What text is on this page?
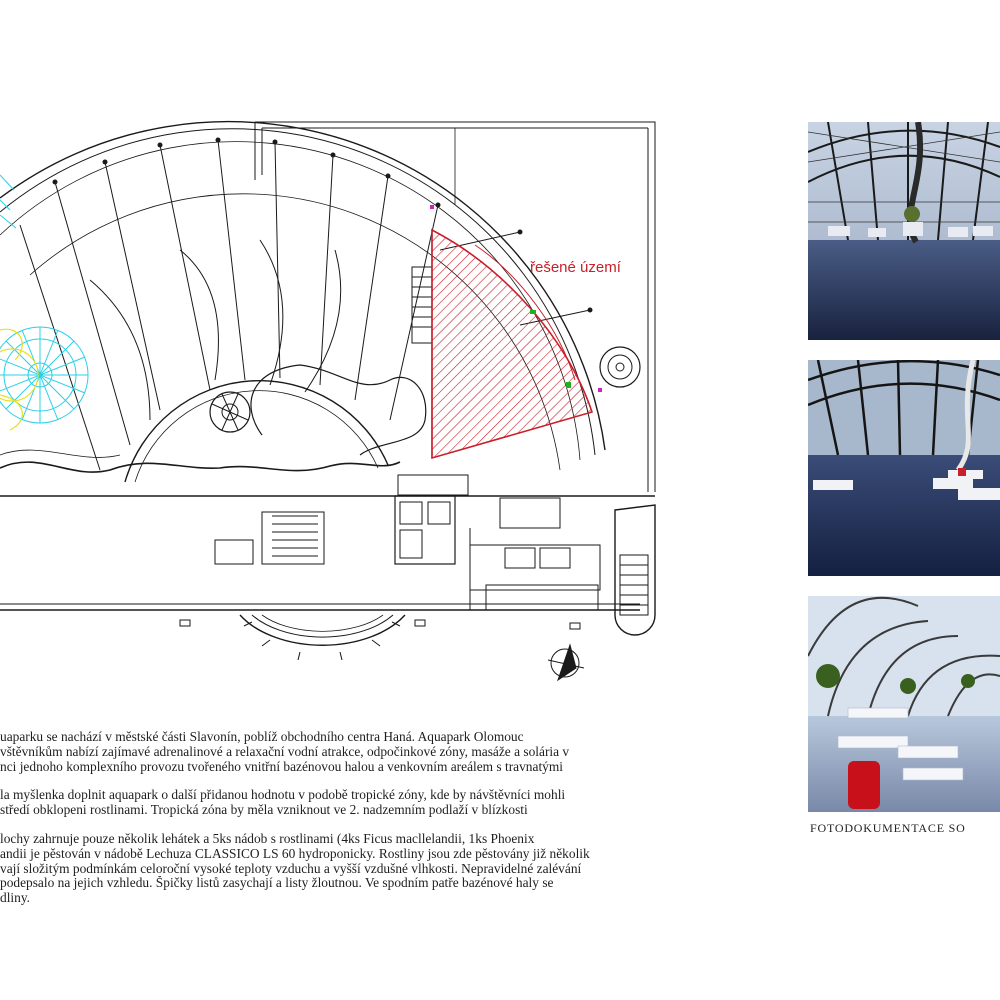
řešené území
FOTODOKUMENTACE SO

uaparku se nachází v městské části Slavonín, poblíž obchodního centra Haná. Aquapark Olomouc
vštěvníkům nabízí zajímavé adrenalinové a relaxační vodní atrakce, odpočinkové zóny, masáže a solária v
nci jednoho komplexního provozu tvořeného vnitřní bazénovou halou a venkovním areálem s travnatými

la myšlenka doplnit aquapark o další přidanou hodnotu v podobě tropické zóny, kde by návštěvníci mohli
středí obklopeni rostlinami. Tropická zóna by měla vzniknout ve 2. nadzemním podlaží v blízkosti

lochy zahrnuje pouze několik lehátek a 5ks nádob s rostlinami (4ks Ficus macllelandii, 1ks Phoenix
andii je pěstován v nádobě Lechuza CLASSICO LS 60 hydroponicky. Rostliny jsou zde pěstovány již několik
vají složitým podmínkám celoroční vysoké teploty vzduchu a vyšší vzdušné vlhkosti. Nepravidelné zalévání
podepsalo na jejich vzhledu. Špičky listů zasychají a listy žloutnou. Ve spodním patře bazénové haly se
dliny.
